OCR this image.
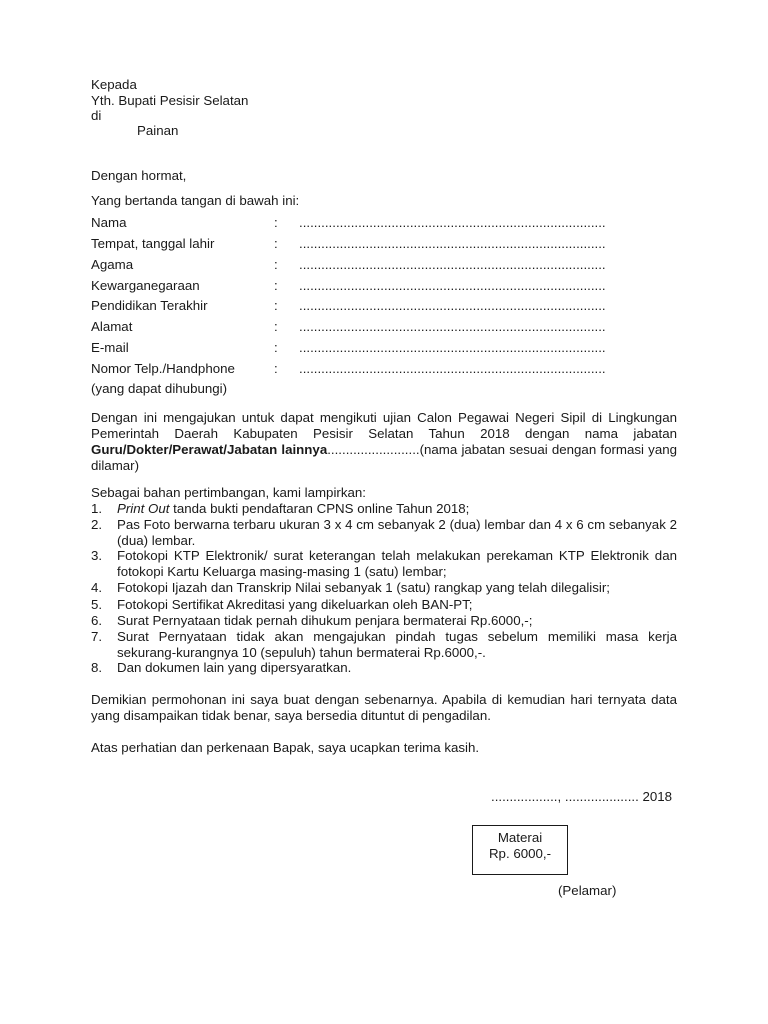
Kepada
Yth. Bupati Pesisir Selatan
di
Painan
Dengan hormat,
Yang bertanda tangan di bawah ini:
Nama	: ...................................................................................
Tempat, tanggal lahir	: ...................................................................................
Agama	: ...................................................................................
Kewarganegaraan	: ...................................................................................
Pendidikan Terakhir	: ...................................................................................
Alamat	: ...................................................................................
E-mail	: ...................................................................................
Nomor Telp./Handphone	: ...................................................................................
(yang dapat dihubungi)
Dengan ini mengajukan untuk dapat mengikuti ujian Calon Pegawai Negeri Sipil di Lingkungan Pemerintah Daerah Kabupaten Pesisir Selatan Tahun 2018 dengan nama jabatan Guru/Dokter/Perawat/Jabatan lainnya.........................(nama jabatan sesuai dengan formasi yang dilamar)
Sebagai bahan pertimbangan, kami lampirkan:
1. Print Out tanda bukti pendaftaran CPNS online Tahun 2018;
2. Pas Foto berwarna terbaru ukuran 3 x 4 cm sebanyak 2 (dua) lembar dan 4 x 6 cm sebanyak 2 (dua) lembar.
3. Fotokopi KTP Elektronik/ surat keterangan telah melakukan perekaman KTP Elektronik dan fotokopi Kartu Keluarga masing-masing 1 (satu) lembar;
4. Fotokopi Ijazah dan Transkrip Nilai sebanyak 1 (satu) rangkap yang telah dilegalisir;
5. Fotokopi Sertifikat Akreditasi yang dikeluarkan oleh BAN-PT;
6. Surat Pernyataan tidak pernah dihukum penjara bermaterai Rp.6000,-;
7. Surat Pernyataan tidak akan mengajukan pindah tugas sebelum memiliki masa kerja sekurang-kurangnya 10 (sepuluh) tahun bermaterai Rp.6000,-.
8. Dan dokumen lain yang dipersyaratkan.
Demikian permohonan ini saya buat dengan sebenarnya. Apabila di kemudian hari ternyata data yang disampaikan tidak benar, saya bersedia dituntut di pengadilan.
Atas perhatian dan perkenaan Bapak, saya ucapkan terima kasih.
.................., .................... 2018
Materai
Rp. 6000,-
(Pelamar)
